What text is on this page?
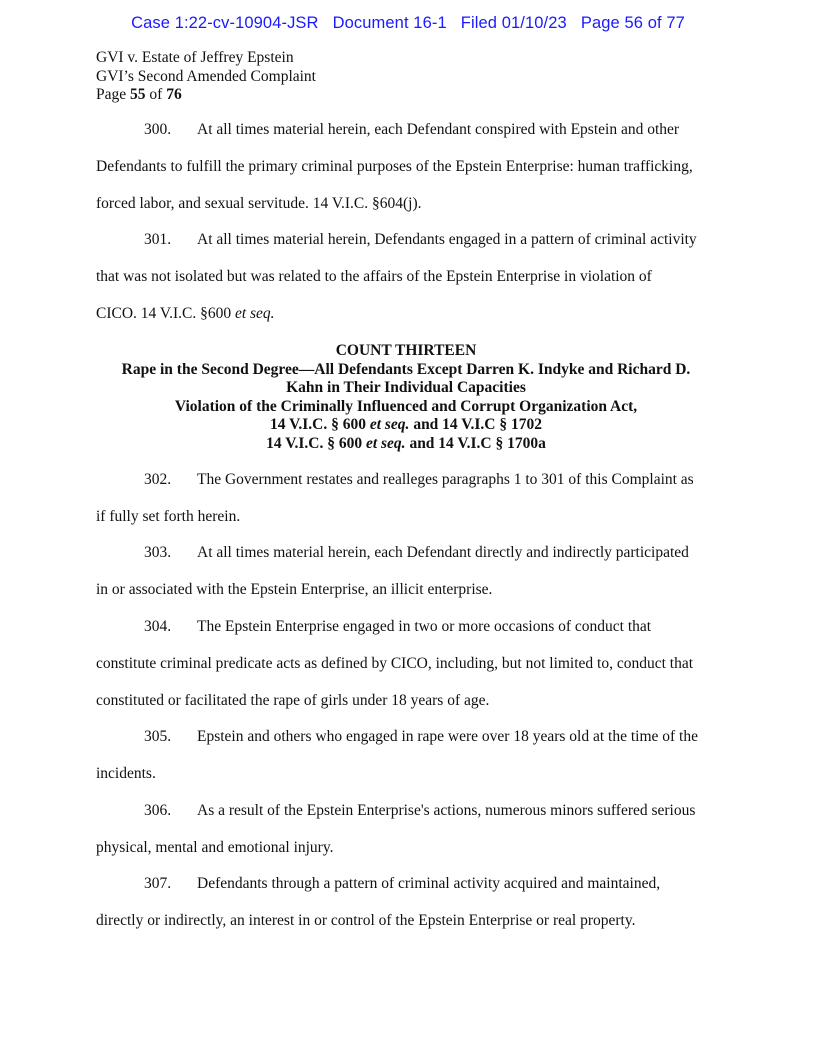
Case 1:22-cv-10904-JSR Document 16-1 Filed 01/10/23 Page 56 of 77
GVI v. Estate of Jeffrey Epstein
GVI’s Second Amended Complaint
Page 55 of 76
300. At all times material herein, each Defendant conspired with Epstein and other
Defendants to fulfill the primary criminal purposes of the Epstein Enterprise: human trafficking,
forced labor, and sexual servitude. 14 V.I.C. §604(j).
301. At all times material herein, Defendants engaged in a pattern of criminal activity
that was not isolated but was related to the affairs of the Epstein Enterprise in violation of
CICO. 14 V.I.C. §600 et seq.
COUNT THIRTEEN
Rape in the Second Degree—All Defendants Except Darren K. Indyke and Richard D.
Kahn in Their Individual Capacities
Violation of the Criminally Influenced and Corrupt Organization Act,
14 V.I.C. § 600 et seq. and 14 V.I.C § 1702
14 V.I.C. § 600 et seq. and 14 V.I.C § 1700a
302. The Government restates and realleges paragraphs 1 to 301 of this Complaint as
if fully set forth herein.
303. At all times material herein, each Defendant directly and indirectly participated
in or associated with the Epstein Enterprise, an illicit enterprise.
304. The Epstein Enterprise engaged in two or more occasions of conduct that
constitute criminal predicate acts as defined by CICO, including, but not limited to, conduct that
constituted or facilitated the rape of girls under 18 years of age.
305. Epstein and others who engaged in rape were over 18 years old at the time of the
incidents.
306. As a result of the Epstein Enterprise's actions, numerous minors suffered serious
physical, mental and emotional injury.
307. Defendants through a pattern of criminal activity acquired and maintained,
directly or indirectly, an interest in or control of the Epstein Enterprise or real property.
